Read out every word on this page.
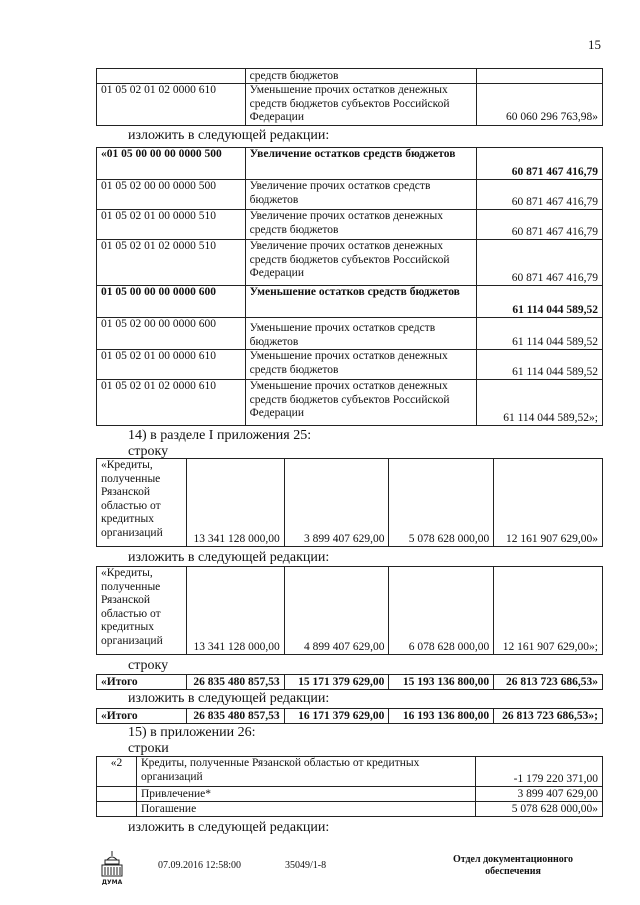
15
	средств бюджетов	
01 05 02 01 02 0000 610	Уменьшение прочих остатков денежных средств бюджетов субъектов Российской Федерации	60 060 296 763,98»
изложить в следующей редакции:
«01 05 00 00 00 0000 500	Увеличение остатков средств бюджетов	60 871 467 416,79
01 05 02 00 00 0000 500	Увеличение прочих остатков средств бюджетов	60 871 467 416,79
01 05 02 01 00 0000 510	Увеличение прочих остатков денежных средств бюджетов	60 871 467 416,79
01 05 02 01 02 0000 510	Увеличение прочих остатков денежных средств бюджетов субъектов Российской Федерации	60 871 467 416,79
01 05 00 00 00 0000 600	Уменьшение остатков средств бюджетов	61 114 044 589,52
01 05 02 00 00 0000 600	Уменьшение прочих остатков средств бюджетов	61 114 044 589,52
01 05 02 01 00 0000 610	Уменьшение прочих остатков денежных средств бюджетов	61 114 044 589,52
01 05 02 01 02 0000 610	Уменьшение прочих остатков денежных средств бюджетов субъектов Российской Федерации	61 114 044 589,52»;
14) в разделе I приложения 25:
строку
«Кредиты, полученные Рязанской областью от кредитных организаций	13 341 128 000,00	3 899 407 629,00	5 078 628 000,00	12 161 907 629,00»
изложить в следующей редакции:
«Кредиты, полученные Рязанской областью от кредитных организаций	13 341 128 000,00	4 899 407 629,00	6 078 628 000,00	12 161 907 629,00»;
строку
«Итого	26 835 480 857,53	15 171 379 629,00	15 193 136 800,00	26 813 723 686,53»
изложить в следующей редакции:
«Итого	26 835 480 857,53	16 171 379 629,00	16 193 136 800,00	26 813 723 686,53»;
15) в приложении 26:
строки
«2	Кредиты, полученные Рязанской областью от кредитных организаций	-1 179 220 371,00
	Привлечение*	3 899 407 629,00
	Погашение	5 078 628 000,00»
изложить в следующей редакции:
ДУМА
07.09.2016 12:58:00	35049/1-8
Отдел документационного
обеспечения
